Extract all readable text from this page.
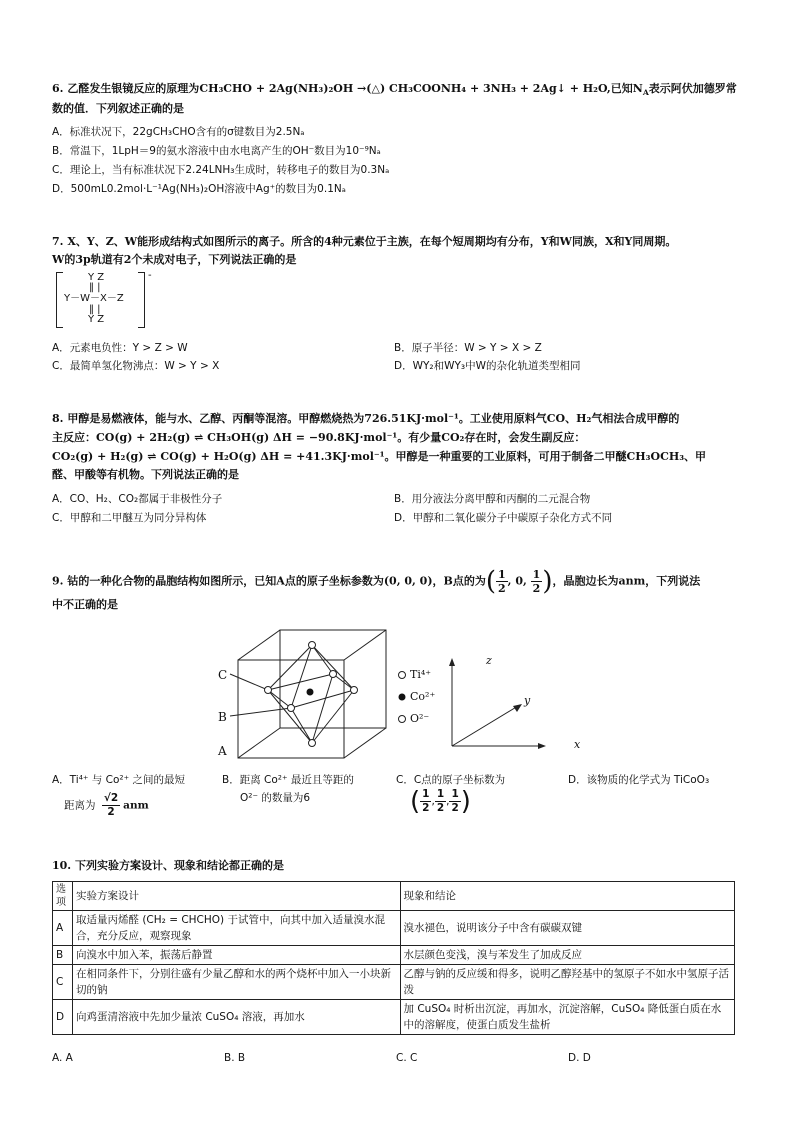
6. 乙醛发生银镜反应的原理为CH₃CHO + 2Ag(NH₃)₂OH →(△) CH₃COONH₄ + 3NH₃ + 2Ag↓ + H₂O,已知$N_A$表示阿伏加德罗常
数的值．下列叙述正确的是
A．标准状况下，22gCH₃CHO含有的σ键数目为2.5Nₐ
B．常温下，1LpH＝9的氨水溶液中由水电离产生的OH⁻数目为10⁻⁹Nₐ
C．理论上，当有标准状况下2.24LNH₃生成时，转移电子的数目为0.3Nₐ
D．500mL0.2mol·L⁻¹Ag(NH₃)₂OH溶液中Ag⁺的数目为0.1Nₐ
7. X、Y、Z、W能形成结构式如图所示的离子。所含的4种元素位于主族，在每个短周期均有分布，Y和W同族，X和Y同周期。
W的3p轨道有2个未成对电子，下列说法正确的是
Y Z
‖ |
Y－W－X－Z
‖ |
Y Z
-
A．元素电负性：Y > Z > W	B．原子半径：W > Y > X > Z
C．最简单氢化物沸点：W > Y > X	D．WY₂和WY₃中W的杂化轨道类型相同
8. 甲醇是易燃液体，能与水、乙醇、丙酮等混溶。甲醇燃烧热为726.51KJ·mol⁻¹。工业使用原料气CO、H₂气相法合成甲醇的
主反应：CO(g) + 2H₂(g) ⇌ CH₃OH(g) ΔH = −90.8KJ·mol⁻¹。有少量CO₂存在时，会发生副反应：
CO₂(g) + H₂(g) ⇌ CO(g) + H₂O(g) ΔH = +41.3KJ·mol⁻¹。甲醇是一种重要的工业原料，可用于制备二甲醚CH₃OCH₃、甲
醛、甲酸等有机物。下列说法正确的是
A．CO、H₂、CO₂都属于非极性分子	B．用分液法分离甲醇和丙酮的二元混合物
C．甲醇和二甲醚互为同分异构体	D．甲醇和二氧化碳分子中碳原子杂化方式不同
9. 钴的一种化合物的晶胞结构如图所示，已知A点的原子坐标参数为(0, 0, 0)，B点的为( $\frac{1}{2}$ , 0, $\frac{1}{2}$ )，晶胞边长为anm，下列说法
中不正确的是
C
B
A
Ti⁴⁺
Co²⁺
O²⁻
z
y
x
A．Ti⁴⁺ 与 Co²⁺ 之间的最短
距离为 $\frac{√2}{2}$ anm
B．距离 Co²⁺ 最近且等距的
O²⁻ 的数量为6
C．C点的原子坐标数为
( $\frac{1}{2}$ , $\frac{1}{2}$ , $\frac{1}{2}$ )
D．该物质的化学式为 TiCoO₃
10. 下列实验方案设计、现象和结论都正确的是
选项	实验方案设计	现象和结论
A	取适量丙烯醛 (CH₂ = CHCHO) 于试管中，向其中加入适量溴水混合，充分反应，观察现象	溴水褪色，说明该分子中含有碳碳双键
B	向溴水中加入苯，振荡后静置	水层颜色变浅，溴与苯发生了加成反应
C	在相同条件下，分别往盛有少量乙醇和水的两个烧杯中加入一小块新切的钠	乙醇与钠的反应缓和得多，说明乙醇羟基中的氢原子不如水中氢原子活泼
D	向鸡蛋清溶液中先加少量浓 CuSO₄ 溶液，再加水	加 CuSO₄ 时析出沉淀，再加水，沉淀溶解，CuSO₄ 降低蛋白质在水中的溶解度，使蛋白质发生盐析
A. A	B. B	C. C	D. D
